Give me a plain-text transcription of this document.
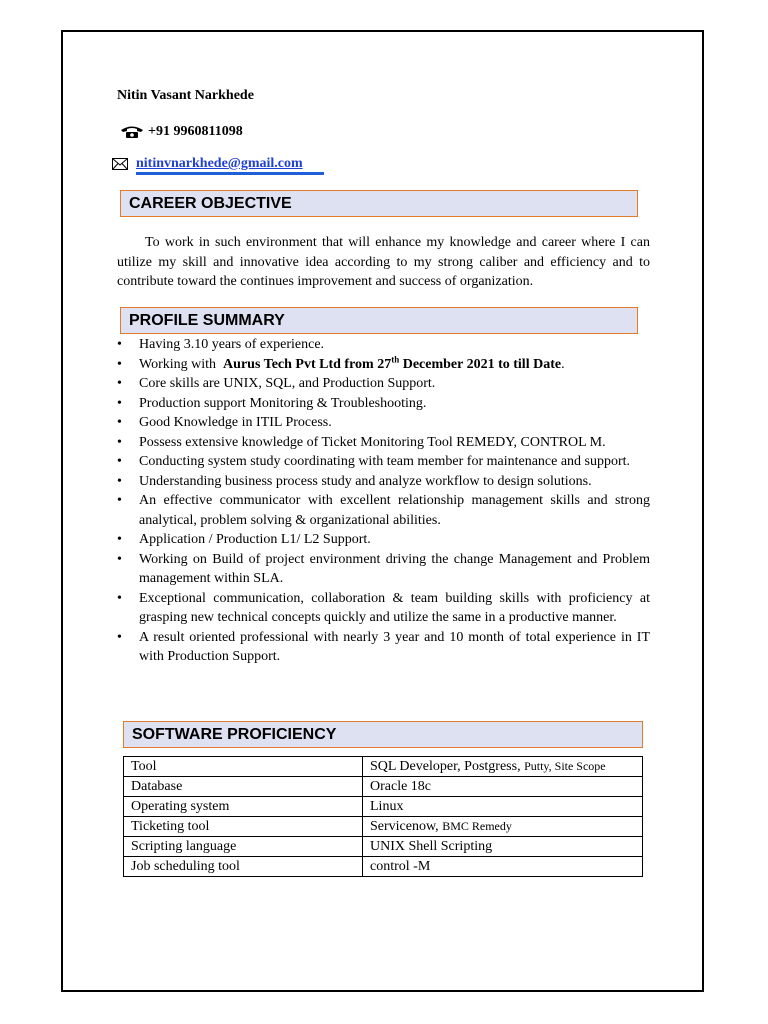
Nitin Vasant Narkhede
+91 9960811098
nitinvnarkhede@gmail.com
CAREER OBJECTIVE
To work in such environment that will enhance my knowledge and career where I can utilize my skill and innovative idea according to my strong caliber and efficiency and to contribute toward the continues improvement and success of organization.
PROFILE SUMMARY
• Having 3.10 years of experience.
• Working with  Aurus Tech Pvt Ltd from 27th December 2021 to till Date.
• Core skills are UNIX, SQL, and Production Support.
• Production support Monitoring & Troubleshooting.
• Good Knowledge in ITIL Process.
• Possess extensive knowledge of Ticket Monitoring Tool REMEDY, CONTROL M.
• Conducting system study coordinating with team member for maintenance and support.
• Understanding business process study and analyze workflow to design solutions.
• An effective communicator with excellent relationship management skills and strong analytical, problem solving & organizational abilities.
• Application / Production L1/ L2 Support.
• Working on Build of project environment driving the change Management and Problem management within SLA.
• Exceptional communication, collaboration & team building skills with proficiency at grasping new technical concepts quickly and utilize the same in a productive manner.
• A result oriented professional with nearly 3 year and 10 month of total experience in IT with Production Support.
SOFTWARE PROFICIENCY
Tool	SQL Developer, Postgress, Putty, Site Scope
Database	Oracle 18c
Operating system	Linux
Ticketing tool	Servicenow, BMC Remedy
Scripting language	UNIX Shell Scripting
Job scheduling tool	control -M
